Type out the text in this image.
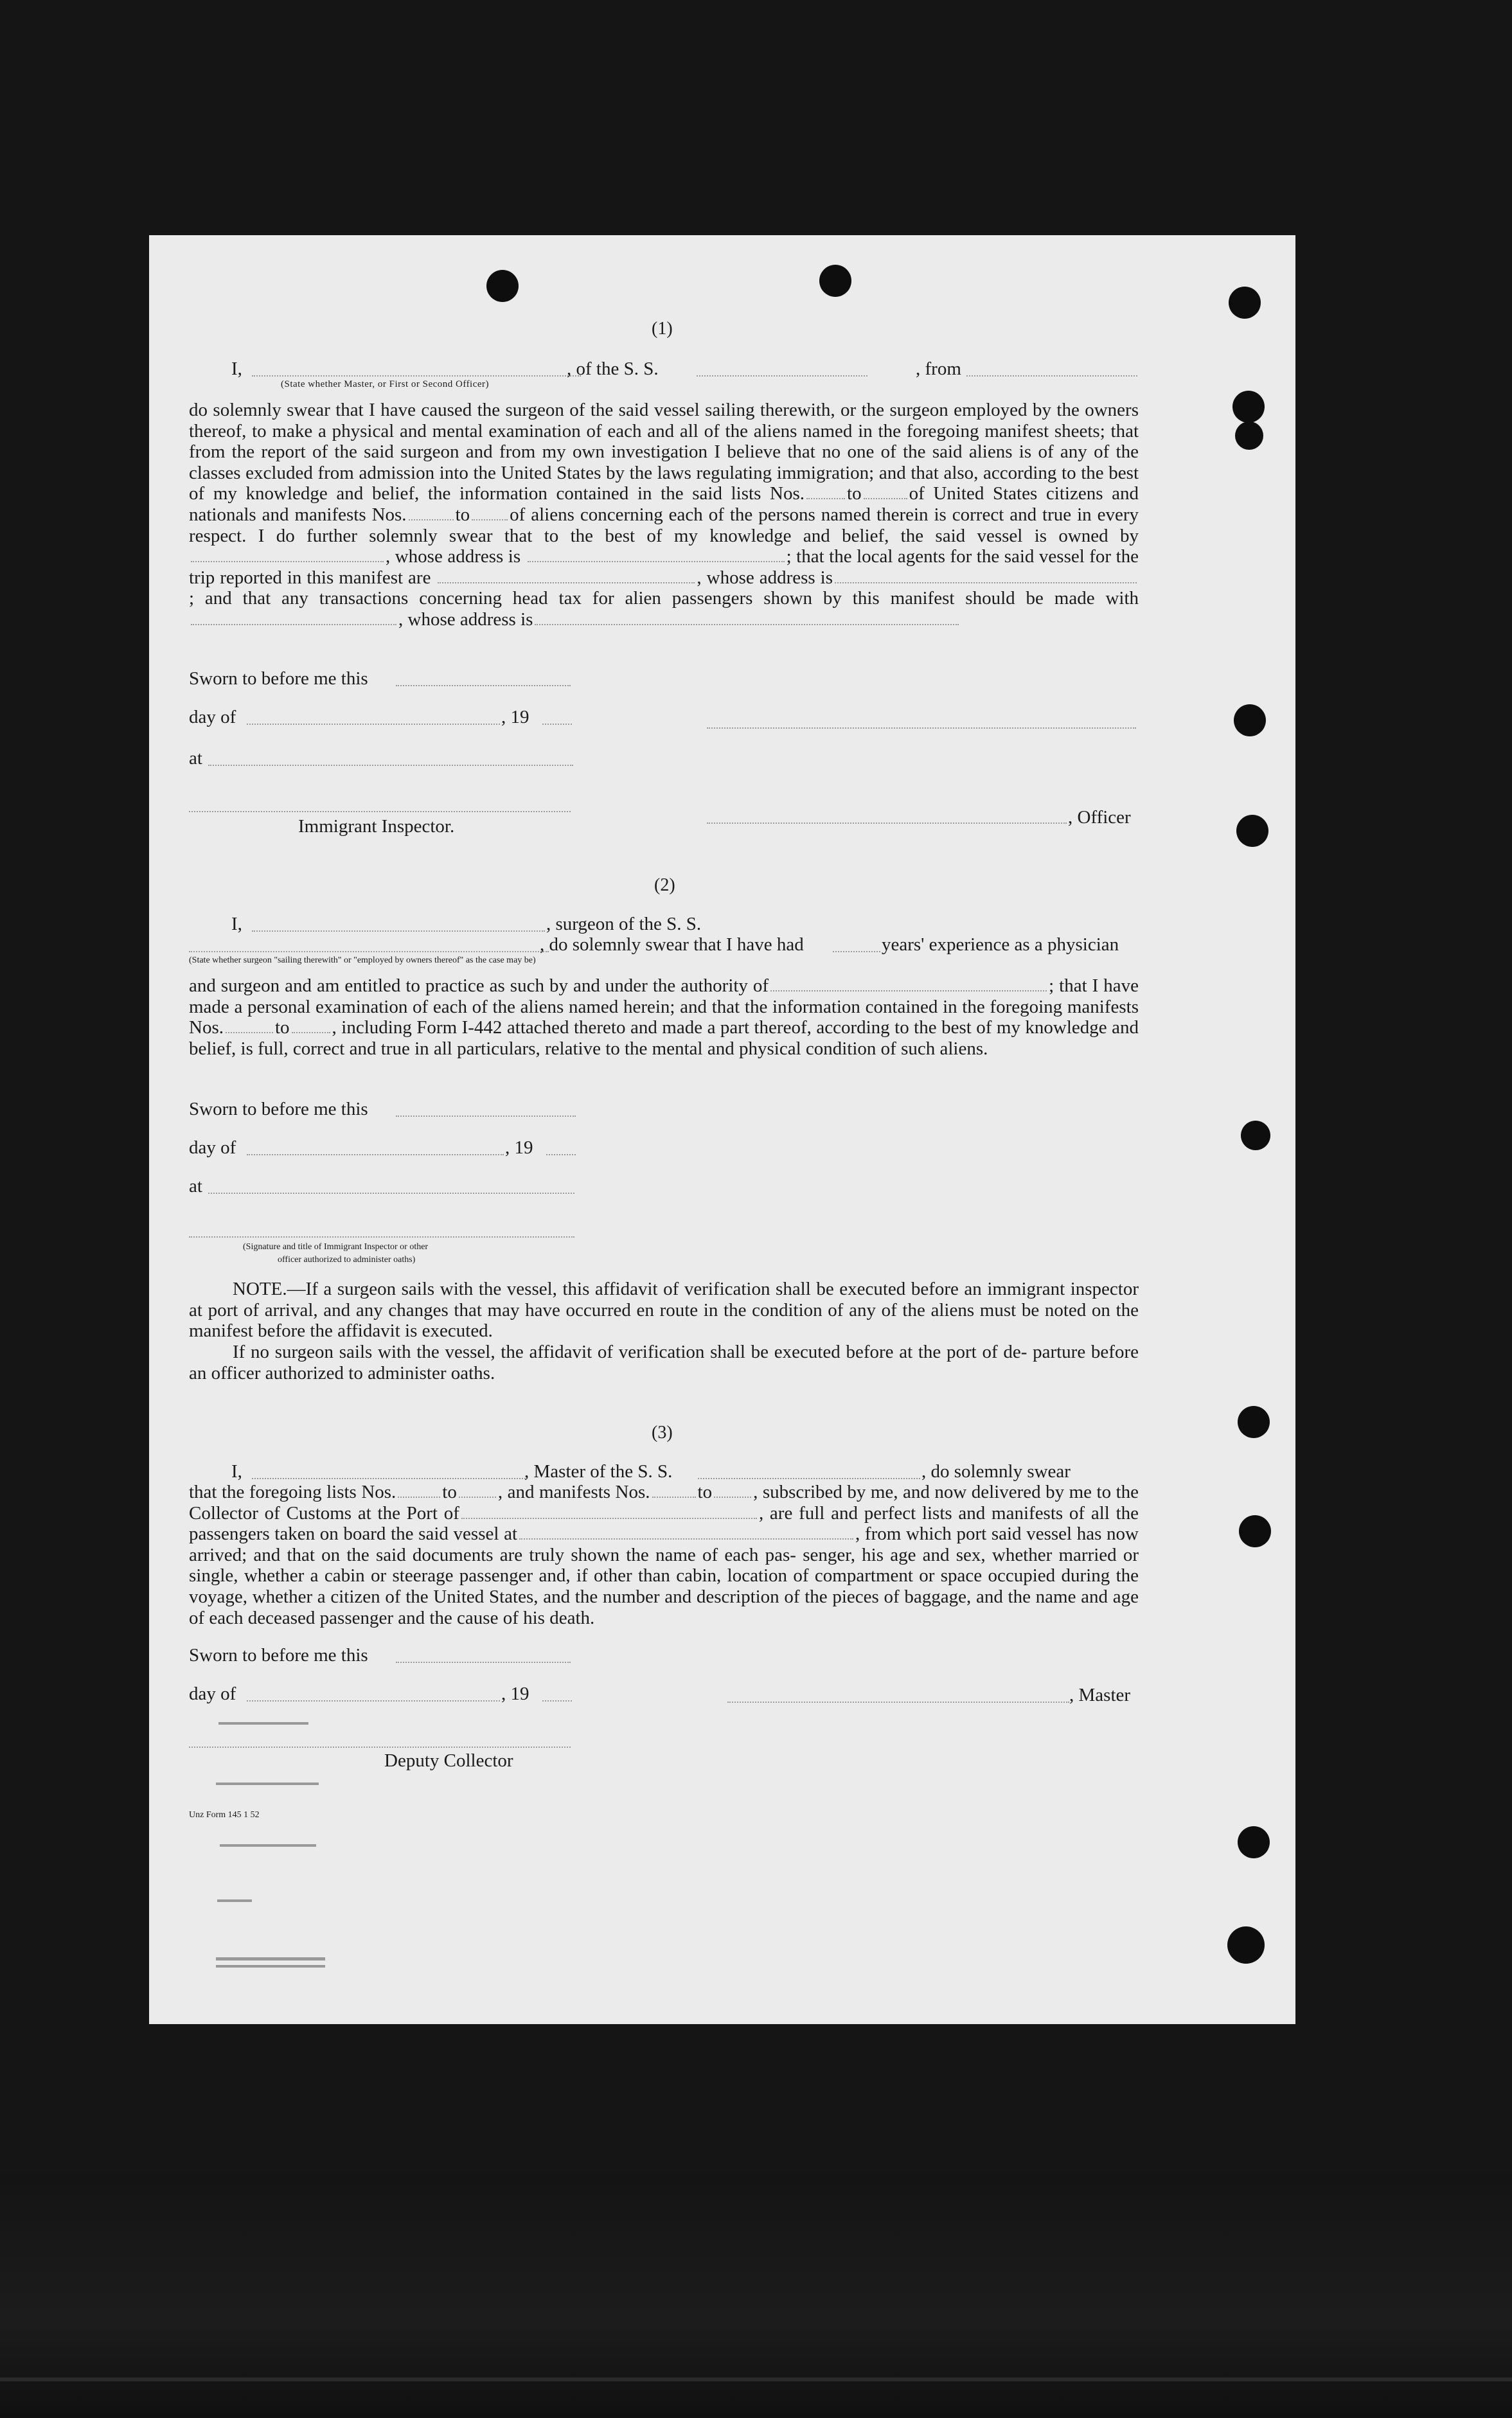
(1)
I,	, of the S. S.	, from
(State whether Master, or First or Second Officer)
do solemnly swear that I have caused the surgeon of the said vessel sailing therewith, or the surgeon employed by the owners thereof, to make a physical and mental examination of each and all of the aliens named in the foregoing manifest sheets; that from the report of the said surgeon and from my own investigation I believe that no one of the said aliens is of any of the classes excluded from admission into the United States by the laws regulating immigration; and that also, according to the best of my knowledge and belief, the information contained in the said lists Nos. to	of United States citizens and nationals and manifests Nos.	to of aliens concerning each of the persons named therein is correct and true in every respect. I do further solemnly swear that to the best of my knowledge and belief, the said vessel is owned by, whose address is	; that the local agents for the said vessel for the trip reported in this manifest are	, whose address is; and that any transactions concerning head tax for alien passengers shown by this manifest should be made with, whose address is
Sworn to before me this
day of	, 19
at
Immigrant Inspector.	, Officer
(2)
I,	, surgeon of the S. S.
, do solemnly swear that I have had	years' experience as a physician
(State whether surgeon "sailing therewith" or "employed by owners thereof" as the case may be)
and surgeon and am entitled to practice as such by and under the authority of	; that I have made a personal examination of each of the aliens named herein; and that the information contained in the foregoing manifests Nos.	to , including Form I-442 attached thereto and made a part thereof, according to the best of my knowledge and belief, is full, correct and true in all particulars, relative to the mental and physical condition of such aliens.
Sworn to before me this
day of	, 19
at
(Signature and title of Immigrant Inspector or other
officer authorized to administer oaths)
NOTE.—If a surgeon sails with the vessel, this affidavit of verification shall be executed before an immigrant inspector at port of arrival, and any changes that may have occurred en route in the condition of any of the aliens must be noted on the manifest before the affidavit is executed.
If no surgeon sails with the vessel, the affidavit of verification shall be executed before at the port of de- parture before an officer authorized to administer oaths.
(3)
I,	, Master of the S. S.	, do solemnly swear
that the foregoing lists Nos. to , and manifests Nos.	to , subscribed by me, and now delivered by me to the Collector of Customs at the Port of	, are full and perfect lists and manifests of all the passengers taken on board the said vessel at	, from which port said vessel has now arrived; and that on the said documents are truly shown the name of each pas- senger, his age and sex, whether married or single, whether a cabin or steerage passenger and, if other than cabin, location of compartment or space occupied during the voyage, whether a citizen of the United States, and the number and description of the pieces of baggage, and the name and age of each deceased passenger and the cause of his death.
Sworn to before me this
day of	, 19	, Master
Deputy Collector
Unz Form 145 1 52
